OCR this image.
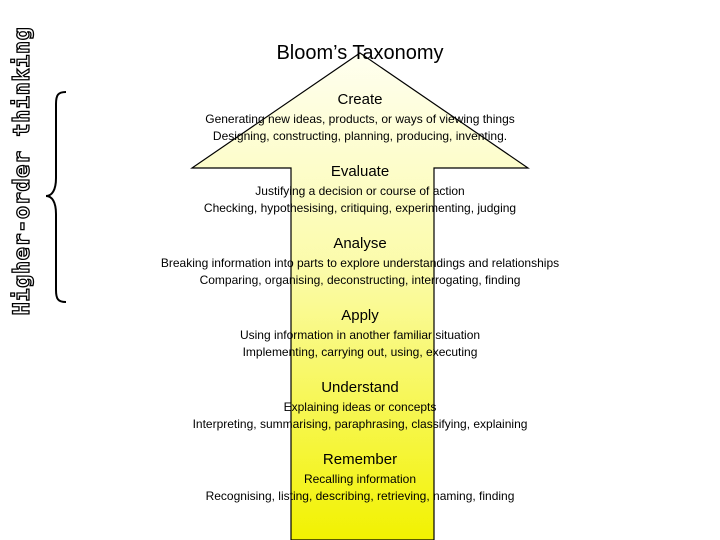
Higher-order thinking	Bloom’s Taxonomy
Create
Generating new ideas, products, or ways of viewing things
Designing, constructing, planning, producing, inventing.
Evaluate
Justifying a decision or course of action
Checking, hypothesising, critiquing, experimenting, judging
Analyse
Breaking information into parts to explore understandings and relationships
Comparing, organising, deconstructing, interrogating, finding
Apply
Using information in another familiar situation
Implementing, carrying out, using, executing
Understand
Explaining ideas or concepts
Interpreting, summarising, paraphrasing, classifying, explaining
Remember
Recalling information
Recognising, listing, describing, retrieving, naming, finding
